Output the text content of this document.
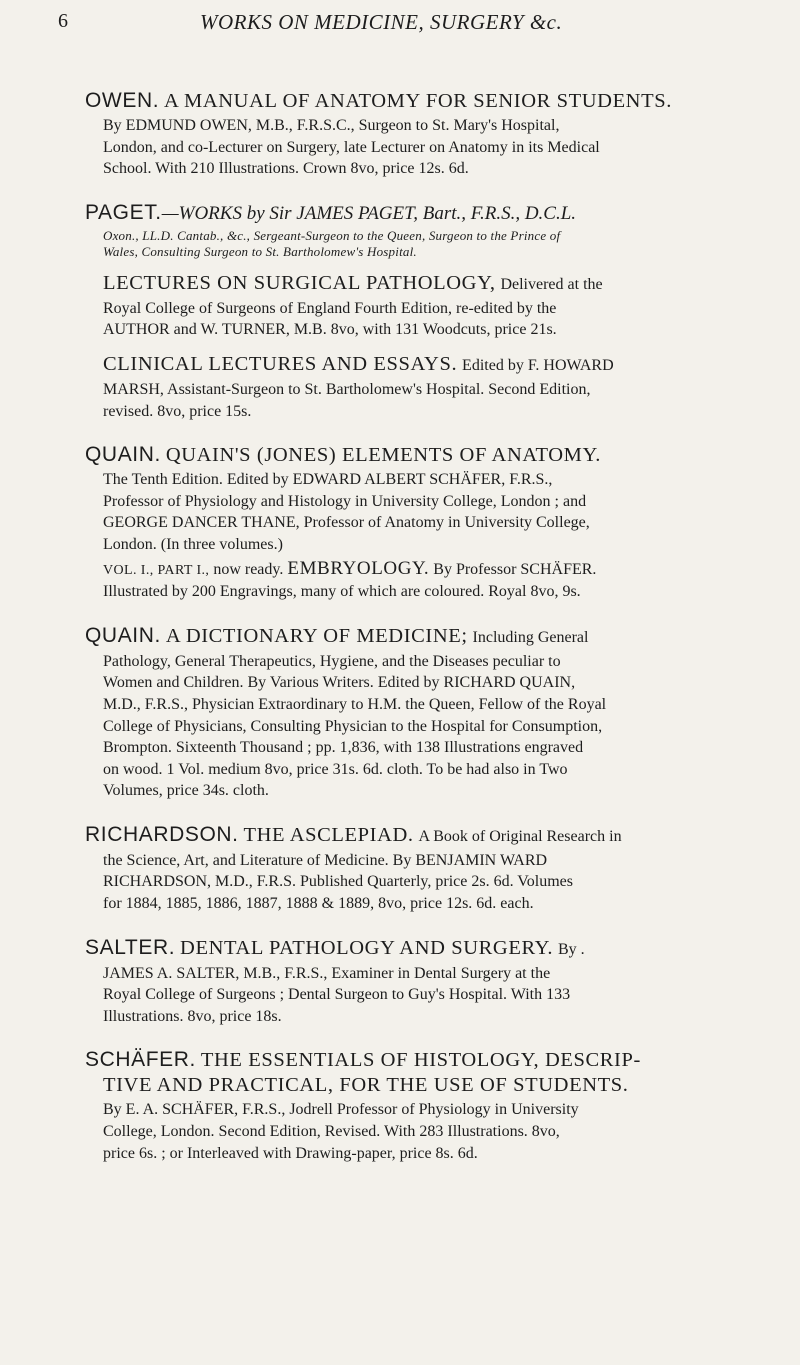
6	WORKS ON MEDICINE, SURGERY &c.

OWEN. A MANUAL OF ANATOMY FOR SENIOR STUDENTS.

By EDMUND OWEN, M.B., F.R.S.C., Surgeon to St. Mary's Hospital,
London, and co-Lecturer on Surgery, late Lecturer on Anatomy in its Medical
School. With 210 Illustrations. Crown 8vo, price 12s. 6d.

PAGET.—WORKS by Sir JAMES PAGET, Bart., F.R.S., D.C.L.

Oxon., LL.D. Cantab., &c., Sergeant-Surgeon to the Queen, Surgeon to the Prince of
Wales, Consulting Surgeon to St. Bartholomew's Hospital.

LECTURES ON SURGICAL PATHOLOGY, Delivered at the

Royal College of Surgeons of England Fourth Edition, re-edited by the
AUTHOR and W. TURNER, M.B. 8vo, with 131 Woodcuts, price 21s.

CLINICAL LECTURES AND ESSAYS. Edited by F. HOWARD

MARSH, Assistant-Surgeon to St. Bartholomew's Hospital. Second Edition,
revised. 8vo, price 15s.

QUAIN. QUAIN'S (JONES) ELEMENTS OF ANATOMY.

The Tenth Edition. Edited by EDWARD ALBERT SCHÄFER, F.R.S.,
Professor of Physiology and Histology in University College, London ; and
GEORGE DANCER THANE, Professor of Anatomy in University College,
London. (In three volumes.)

VOL. I., PART I., now ready. EMBRYOLOGY. By Professor SCHÄFER.
Illustrated by 200 Engravings, many of which are coloured. Royal 8vo, 9s.

QUAIN. A DICTIONARY OF MEDICINE; Including General

Pathology, General Therapeutics, Hygiene, and the Diseases peculiar to
Women and Children. By Various Writers. Edited by RICHARD QUAIN,
M.D., F.R.S., Physician Extraordinary to H.M. the Queen, Fellow of the Royal
College of Physicians, Consulting Physician to the Hospital for Consumption,
Brompton. Sixteenth Thousand ; pp. 1,836, with 138 Illustrations engraved
on wood. 1 Vol. medium 8vo, price 31s. 6d. cloth. To be had also in Two
Volumes, price 34s. cloth.

RICHARDSON. THE ASCLEPIAD. A Book of Original Research in

the Science, Art, and Literature of Medicine. By BENJAMIN WARD
RICHARDSON, M.D., F.R.S. Published Quarterly, price 2s. 6d. Volumes
for 1884, 1885, 1886, 1887, 1888 & 1889, 8vo, price 12s. 6d. each.

SALTER. DENTAL PATHOLOGY AND SURGERY. By .

JAMES A. SALTER, M.B., F.R.S., Examiner in Dental Surgery at the
Royal College of Surgeons ; Dental Surgeon to Guy's Hospital. With 133
Illustrations. 8vo, price 18s.

SCHÄFER. THE ESSENTIALS OF HISTOLOGY, DESCRIP-

TIVE AND PRACTICAL, FOR THE USE OF STUDENTS.

By E. A. SCHÄFER, F.R.S., Jodrell Professor of Physiology in University
College, London. Second Edition, Revised. With 283 Illustrations. 8vo,
price 6s. ; or Interleaved with Drawing-paper, price 8s. 6d.
